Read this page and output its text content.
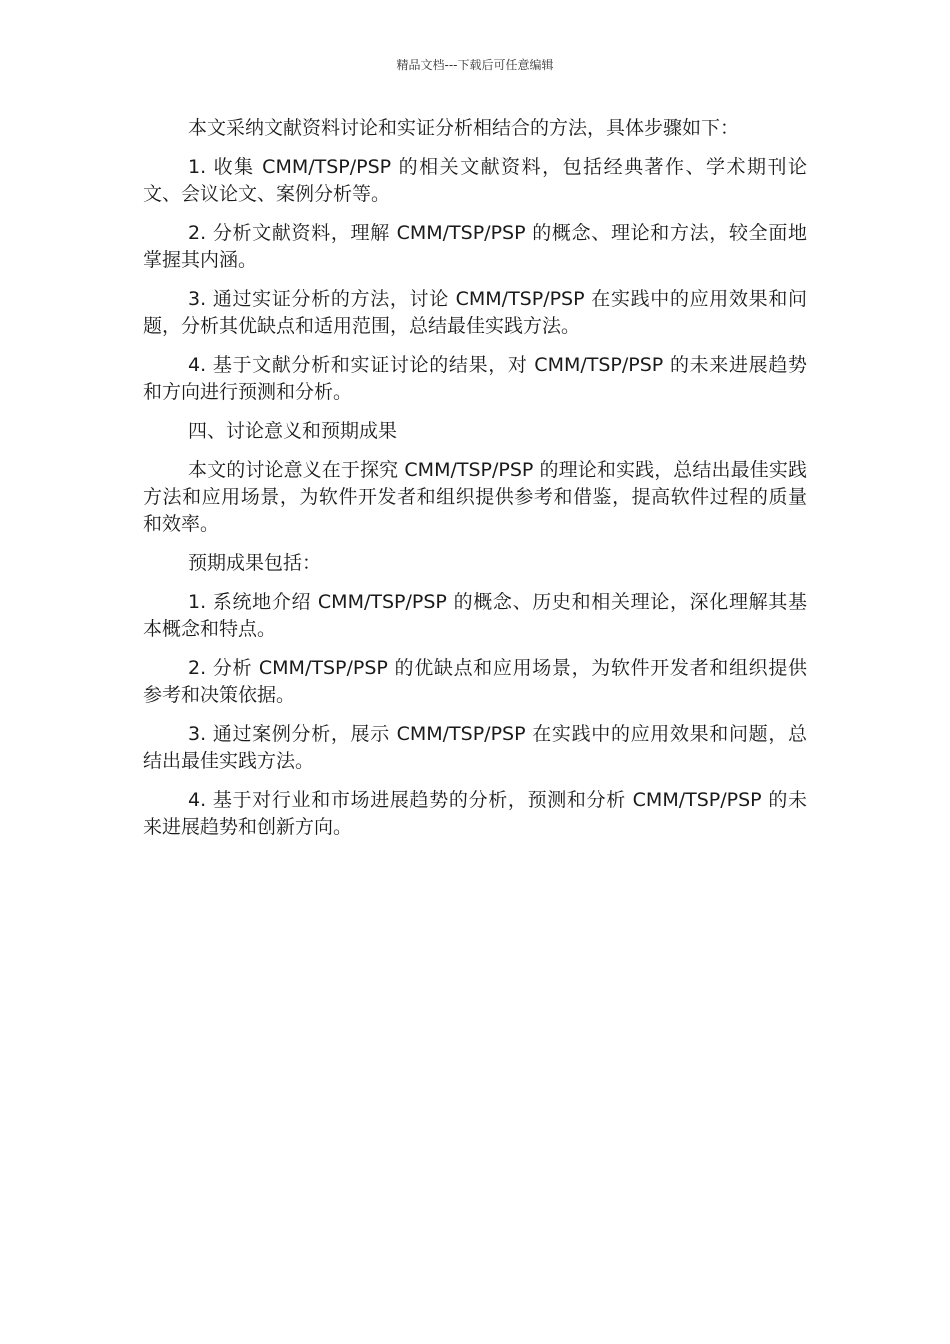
精品文档---下载后可任意编辑

本文采纳文献资料讨论和实证分析相结合的方法，具体步骤如下：

1. 收集 CMM/TSP/PSP 的相关文献资料，包括经典著作、学术期刊论文、会议论文、案例分析等。

2. 分析文献资料，理解 CMM/TSP/PSP 的概念、理论和方法，较全面地掌握其内涵。

3. 通过实证分析的方法，讨论 CMM/TSP/PSP 在实践中的应用效果和问题，分析其优缺点和适用范围，总结最佳实践方法。

4. 基于文献分析和实证讨论的结果，对 CMM/TSP/PSP 的未来进展趋势和方向进行预测和分析。

四、讨论意义和预期成果

本文的讨论意义在于探究 CMM/TSP/PSP 的理论和实践，总结出最佳实践方法和应用场景，为软件开发者和组织提供参考和借鉴，提高软件过程的质量和效率。

预期成果包括：

1. 系统地介绍 CMM/TSP/PSP 的概念、历史和相关理论，深化理解其基本概念和特点。

2. 分析 CMM/TSP/PSP 的优缺点和应用场景，为软件开发者和组织提供参考和决策依据。

3. 通过案例分析，展示 CMM/TSP/PSP 在实践中的应用效果和问题，总结出最佳实践方法。

4. 基于对行业和市场进展趋势的分析，预测和分析 CMM/TSP/PSP 的未来进展趋势和创新方向。
